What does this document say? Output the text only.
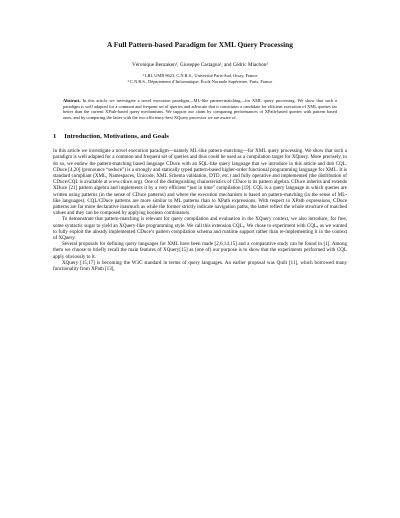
A Full Pattern-based Paradigm for XML Query Processing
Véronique Benzaken¹, Giuseppe Castagna², and Cédric Miachon²
¹ LRI, UMR 8623, C.N.R.S., Université Paris-Sud, Orsay, France
² C.N.R.S., Département d’Informatique, École Normale Supérieure, Paris, France
Abstract. In this article we investigate a novel execution paradigm—ML-like pattern-matching—for XML query processing. We show that such a paradigm is well adapted for a common and frequent set of queries and advocate that it constitutes a candidate for efficient execution of XML queries far better than the current XPath-based query mechanisms. We support our claim by comparing performances of XPath-based queries with pattern based ones, and by comparing the latter with the two efficiency-best XQuery processor we are aware of.
1 Introduction, Motivations, and Goals

In this article we investigate a novel execution paradigm—namely ML-like pattern-matching—for XML query processing. We show that such a paradigm is well adapted for a common and frequent set of queries and thus could be used as a compilation target for XQuery. More precisely, to do so, we endow the pattern-matching based language CDuce with an SQL-like query language that we introduce in this article and dub CQL. CDuce [4,20] (pronounce “seduce”) is a strongly and statically typed pattern-based higher-order functional programming language for XML. It is standard compliant (XML, Namespaces, Unicode, XML Schema validation, DTD, etc.) and fully operative and implemented (the distribution of CDuce/CQL is available at www.cduce.org). One of the distinguishing characteristics of CDuce is its pattern algebra. CDuce inherits and extends XDuce [21] pattern algebra and implements it by a very efficient “just in time” compilation [19]. CQL is a query language in which queries are written using patterns (in the sense of CDuce patterns) and where the execution mechanism is based on pattern-matching (in the sense of ML-like languages). CQL/CDuce patterns are more similar to ML patterns than to XPath expressions. With respect to XPath expressions, CDuce patterns are far more declarative inasmuch as while the former strictly indicate navigation paths, the latter reflect the whole structure of matched values and they can be composed by applying boolean combinators.

To demonstrate that pattern-matching is relevant for query compilation and evaluation in the XQuery context, we also introduce, for free, some syntactic sugar to yield an XQuery-like programming style. We call this extension CQLₓ. We chose to experiment with CQLₓ as we wanted to fully exploit the already implemented CDuce’s pattern compilation schema and runtime support rather than re-implementing it in the context of XQuery.

Several proposals for defining query languages for XML have been made [2,6,14,15] and a comparative study can be found in [1]. Among them we choose to briefly recall the main features of XQuery[15] as (one of) our purpose is to show that the experiments performed with CQL apply obviously to it.

XQuery [15,17] is becoming the W3C standard in terms of query languages. An earlier proposal was Quilt [11], which borrowed many functionality from XPath [13],
